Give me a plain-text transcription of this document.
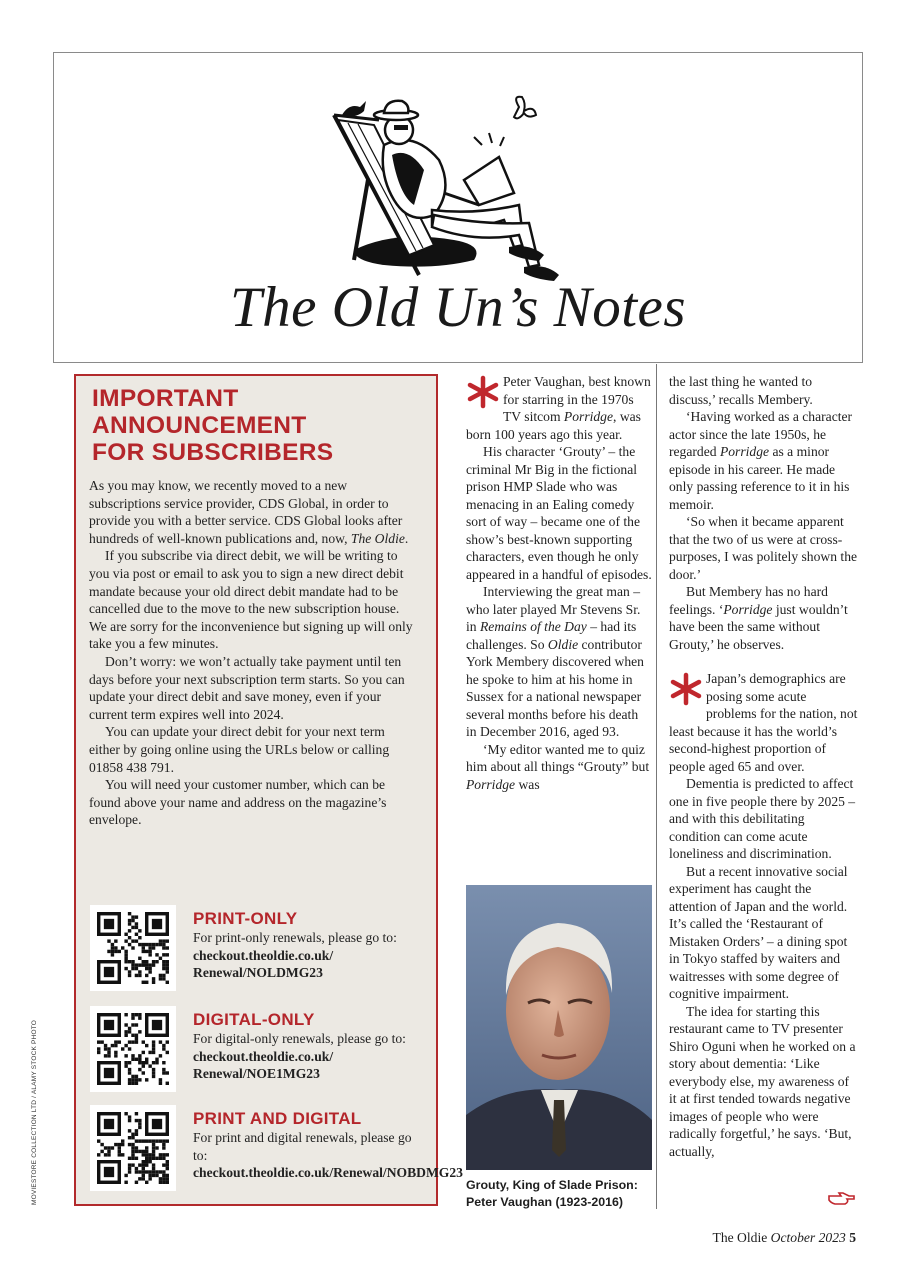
The Old Un’s Notes
MOVIESTORE COLLECTION LTD / ALAMY STOCK PHOTO
IMPORTANT
ANNOUNCEMENT
FOR SUBSCRIBERS

As you may know, we recently moved to a new subscriptions service provider, CDS Global, in order to provide you with a better service. CDS Global looks after hundreds of well-known publications and, now, The Oldie.

If you subscribe via direct debit, we will be writing to you via post or email to ask you to sign a new direct debit mandate because your old direct debit mandate had to be cancelled due to the move to the new subscription house. We are sorry for the inconvenience but signing up will only take you a few minutes.

Don’t worry: we won’t actually take payment until ten days before your next subscription term starts. So you can update your direct debit and save money, even if your current term expires well into 2024.

You can update your direct debit for your next term either by going online using the URLs below or calling 01858 438 791.

You will need your customer number, which can be found above your name and address on the magazine’s envelope.

PRINT-ONLY
For print-only renewals, please go to: checkout.theoldie.co.uk/ Renewal/NOLDMG23
DIGITAL-ONLY
For digital-only renewals, please go to: checkout.theoldie.co.uk/ Renewal/NOE1MG23
PRINT AND DIGITAL
For print and digital renewals, please go to: checkout.theoldie.co.uk/Renewal/NOBDMG23

Peter Vaughan, best known for starring in the 1970s TV sitcom Porridge, was born 100 years ago this year.

His character ‘Grouty’ – the criminal Mr Big in the fictional prison HMP Slade who was menacing in an Ealing comedy sort of way – became one of the show’s best-known supporting characters, even though he only appeared in a handful of episodes.

Interviewing the great man – who later played Mr Stevens Sr. in Remains of the Day – had its challenges. So Oldie contributor York Membery discovered when he spoke to him at his home in Sussex for a national newspaper several months before his death in December 2016, aged 93.

‘My editor wanted me to quiz him about all things “Grouty” but Porridge was

Grouty, King of Slade Prison: Peter Vaughan (1923-2016)

the last thing he wanted to discuss,’ recalls Membery.

‘Having worked as a character actor since the late 1950s, he regarded Porridge as a minor episode in his career. He made only passing reference to it in his memoir.

‘So when it became apparent that the two of us were at cross-purposes, I was politely shown the door.’

But Membery has no hard feelings. ‘Porridge just wouldn’t have been the same without Grouty,’ he observes.

Japan’s demographics are posing some acute problems for the nation, not least because it has the world’s second-highest proportion of people aged 65 and over.

Dementia is predicted to affect one in five people there by 2025 – and with this debilitating condition can come acute loneliness and discrimination.

But a recent innovative social experiment has caught the attention of Japan and the world. It’s called the ‘Restaurant of Mistaken Orders’ – a dining spot in Tokyo staffed by waiters and waitresses with some degree of cognitive impairment.

The idea for starting this restaurant came to TV presenter Shiro Oguni when he worked on a story about dementia: ‘Like everybody else, my awareness of it at first tended towards negative images of people who were radically forgetful,’ he says. ‘But, actually,

The Oldie October 2023 5
